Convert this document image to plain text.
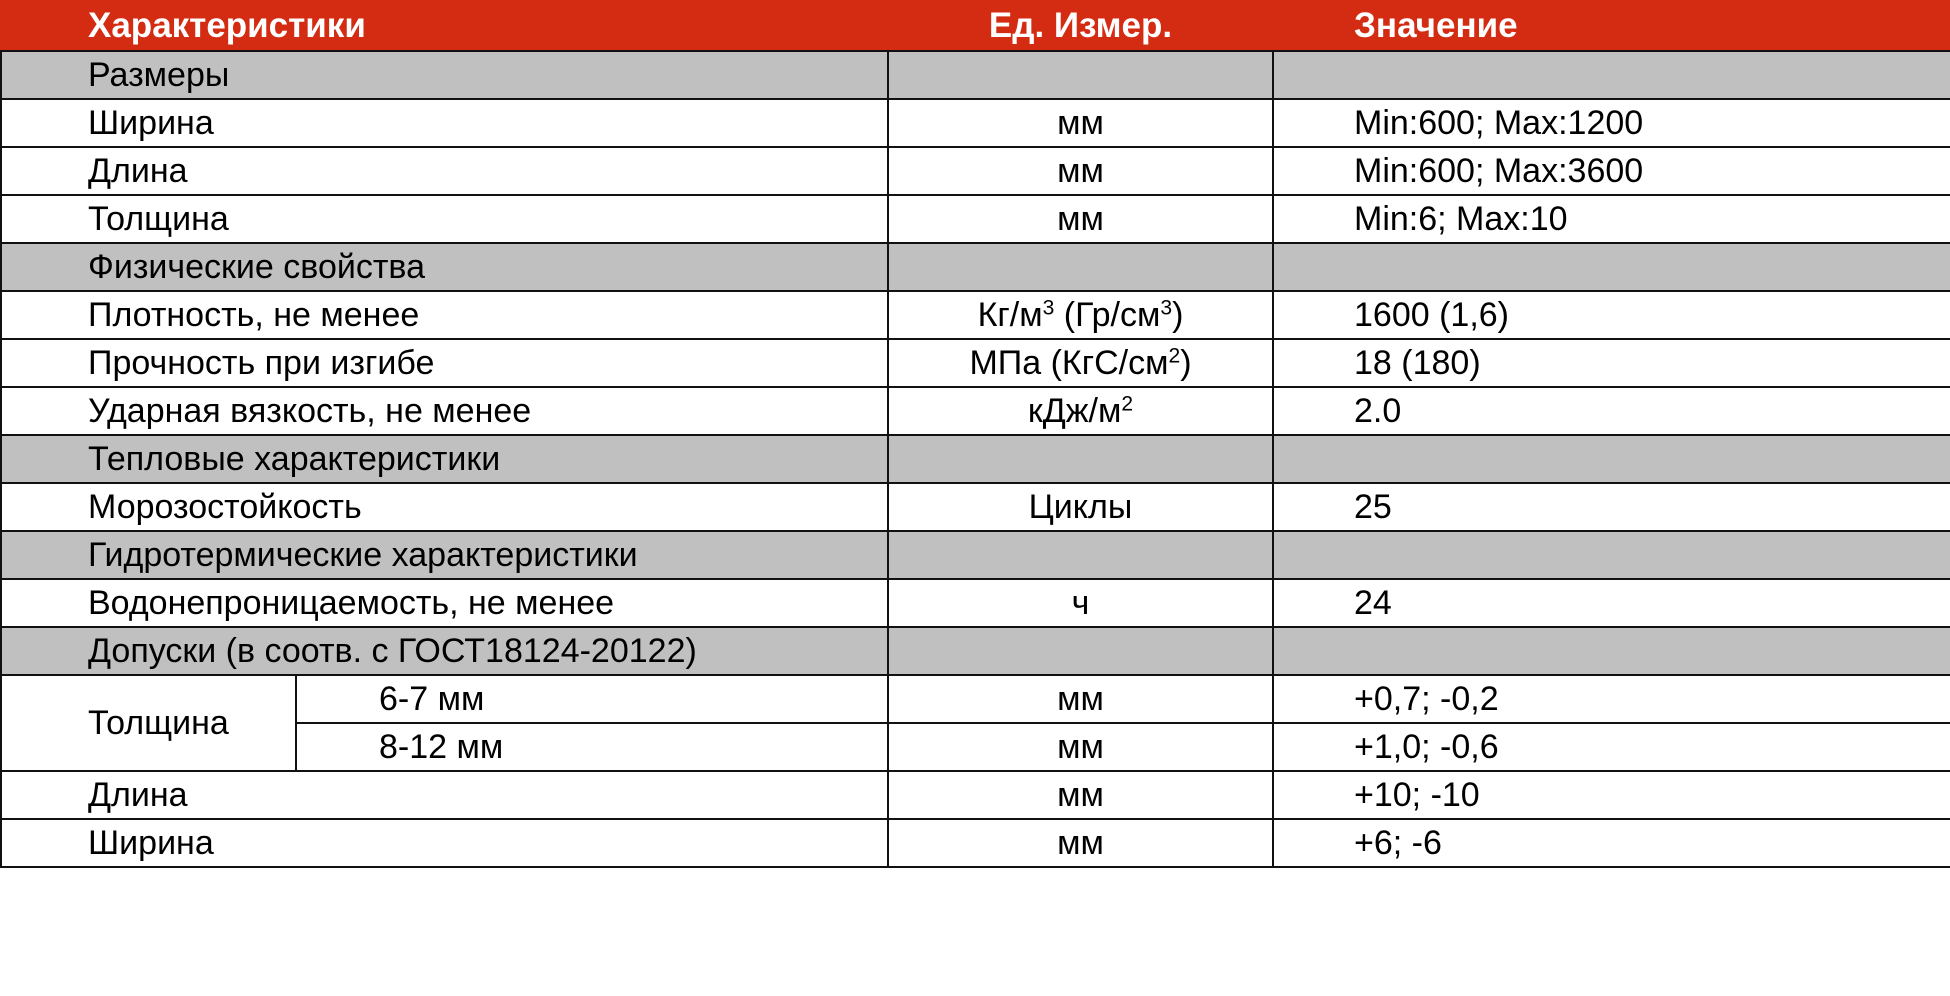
Характеристики		Ед. Измер.	Значение
Размеры			
Ширина		мм	Min:600; Max:1200
Длина		мм	Min:600; Max:3600
Толщина		мм	Min:6; Max:10
Физические свойства			
Плотность, не менее		$Кг/м^3$ $(Гр/см^3)$	1600 (1,6)
Прочность при изгибе		МПа $(КгС/см^2)$	18 (180)
Ударная вязкость, не менее		кДж/$м^2$	2.0
Тепловые характеристики			
Морозостойкость		Циклы	25
Гидротермические характеристики			
Водонепроницаемость, не менее		ч	24
Допуски (в соотв. с ГОСТ18124-20122)			
Толщина	6-7 мм	мм	+0,7; -0,2
	8-12 мм	мм	+1,0; -0,6
Длина		мм	+10; -10
Ширина		мм	+6; -6
